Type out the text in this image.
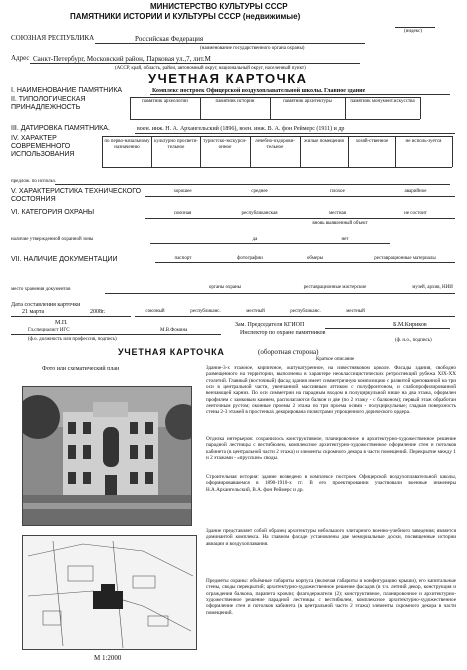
МИНИСТЕРСТВО КУЛЬТУРЫ СССР
ПАМЯТНИКИ ИСТОРИИ И КУЛЬТУРЫ СССР (недвижимые)
(индекс)
СОЮЗНАЯ РЕСПУБЛИКА	Российская Федерация
(наименование государственного органа охраны)
Адрес Санкт-Петербург, Московский район, Парковая ул.,7, лит.М
(АССР, край, область, район, автономный округ, национальный округ, населенный пункт)
УЧЕТНАЯ КАРТОЧКА
I. НАИМЕНОВАНИЕ ПАМЯТНИКА	Комплекс построек Офицерской воздухоплавательной школы. Главное здание
II. ТИПОЛОГИЧЕСКАЯ ПРИНАДЛЕЖНОСТЬ
памятник археологии	памятник истории	памятник архитектуры	памятник монумент.искусства
III. ДАТИРОВКА ПАМЯТНИКА.	воен. инж. Н. А. Архангельский (1896), воен. инж. В. А. фон Реймерс (1911) и др
IV. ХАРАКТЕР СОВРЕМЕННОГО ИСПОЛЬЗОВАНИЯ
по перво-начальному назначению
культурно просвети-тельное
туристско-экскурси-онное
лечебно-оздорови-тельное
жилые помещения	хозяй-ственное	не исполь-зуется
предлож. по использ.
V. ХАРАКТЕРИСТИКА ТЕХНИЧЕСКОГО СОСТОЯНИЯ
хорошее	среднее	плохое	аварийное
VI. КАТЕГОРИЯ ОХРАНЫ	союзная	республиканская	местная	не состоит
вновь выявленный объект
наличие утвержденной охранной зоны	да	нет
VII. НАЛИЧИЕ ДОКУМЕНТАЦИИ	паспорт	фотографии	обмеры	реставрационные материалы
место хранения документов	органы охраны	реставрационные мастерские	музей, архив, НИИ
Дата составления карточки
21 марта	2008г.	союзный	республиканс.	местный	республиканс.	местный
М.П.
Гл.специалист ИГС	М.В.Фомина
(ф.о. должность или профессия, подпись)
Зам. Председателя КГИОП	Б.М.Кириков
Инспектор по охране памятников
(ф. и.о., подпись)
УЧЕТНАЯ КАРТОЧКА	(оборотная сторона)
Фото или схематический план
Краткое описание
М 1:2000
Здание-3-х этажное, кирпичное, оштукатуренное, на известняковом цоколе. Фасады здания, свободно размещенного на территории, выполнены в характере неоклассицистических ретроспекций рубежа XIX-XX столетий. Главный (восточный) фасад здания имеет симметричную композицию с развитой крепованной на три оси в центральной части, увенчанной массивным аттиком с полуфронтоном, и слабопрофилированной венчающей карниз. По оси симметрии на парадным входом в полуциркульной нише на два этажа, оформлен профилем с замковым камнем, располагаются балкон и две (по 2 этажу - с балконом); первый этаж обработан ленточным рустом; оконные проемы 2 этажа по три проема осями - полуциркульные; гладкая поверхность стены 2-3 этажей в простенках декорирована пилястрами упрощенного дорического ордера.
Отделка интерьеров: сохранилось конструктивное, планировочное и архитектурно-художественное решение парадной лестницы с вестибюлем, комплексное архитектурно-художественное оформление стен и потолков кабинета (в центральной части 2 этажа) и элементы скромного декора в части помещений. Перекрытие между 1 и 2 этажами - «прусские» своды.
Строительная история: здание возведено в комплексе построек Офицерской воздухоплавательной школы, оформировавшемся в 1890-1910-х гг. В его проектировании участвовали военные инженеры Н.А.Архангельский, В.А. фон Реймерс и др.
Здание представляет собой образец архитектуры небольшого элитарного военно-учебного заведения; является доминантой комплекса. На главном фасаде установлены две мемориальные доски, посвященные истории авиации и воздухоплавания.
Предметы охраны: объёмные габариты корпуса (включая габариты и конфигурацию крыши), его капитальные стены, своды перекрытий; архитектурно-художественное решение фасадов (в т.ч. летний декор, конструкция и ограждения балкона, парапета кровли; флагодержатели (2); конструктивное, планировочное и архитектурно-художественное решение парадной лестницы с вестибюлем, комплексное архитектурно-художественное оформление стен и потолков кабинета (в центральной части 2 этажа) элементы скромного декора в части помещений.
